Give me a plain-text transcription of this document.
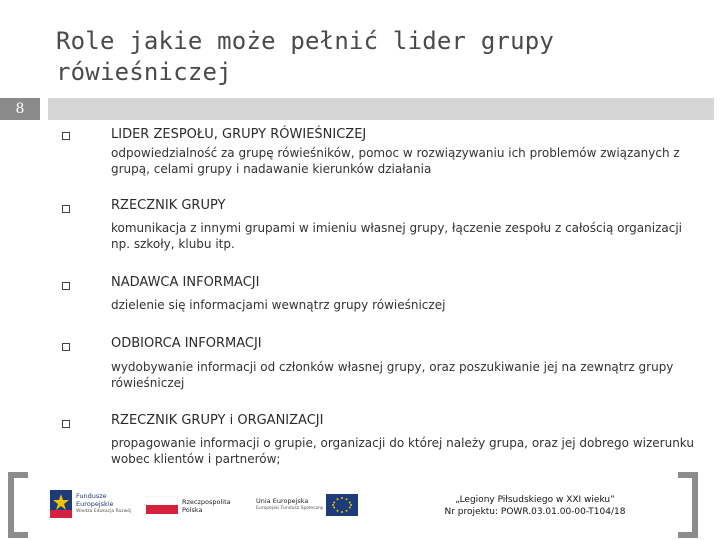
Role jakie może pełnić lider grupy rówieśniczej
8
LIDER ZESPOŁU, GRUPY RÓWIEŚNICZEJ
odpowiedzialność za grupę rówieśników, pomoc w rozwiązywaniu ich problemów związanych z grupą, celami grupy i nadawanie kierunków działania
RZECZNIK GRUPY
komunikacja z innymi grupami w imieniu własnej grupy, łączenie zespołu z całością organizacji np. szkoły, klubu itp.
NADAWCA INFORMACJI
dzielenie się informacjami wewnątrz grupy rówieśniczej
ODBIORCA INFORMACJI
wydobywanie informacji od członków własnej grupy, oraz poszukiwanie jej na zewnątrz grupy rówieśniczej
RZECZNIK GRUPY i ORGANIZACJI
propagowanie informacji o grupie, organizacji do której należy grupa, oraz jej dobrego wizerunku wobec klientów i partnerów;
Fundusze
Europejskie
Wiedza Edukacja Rozwój
Rzeczpospolita
Polska
Unia Europejska
Europejski Fundusz Społeczny
„Legiony Piłsudskiego w XXI wieku”
Nr projektu: POWR.03.01.00-00-T104/18
